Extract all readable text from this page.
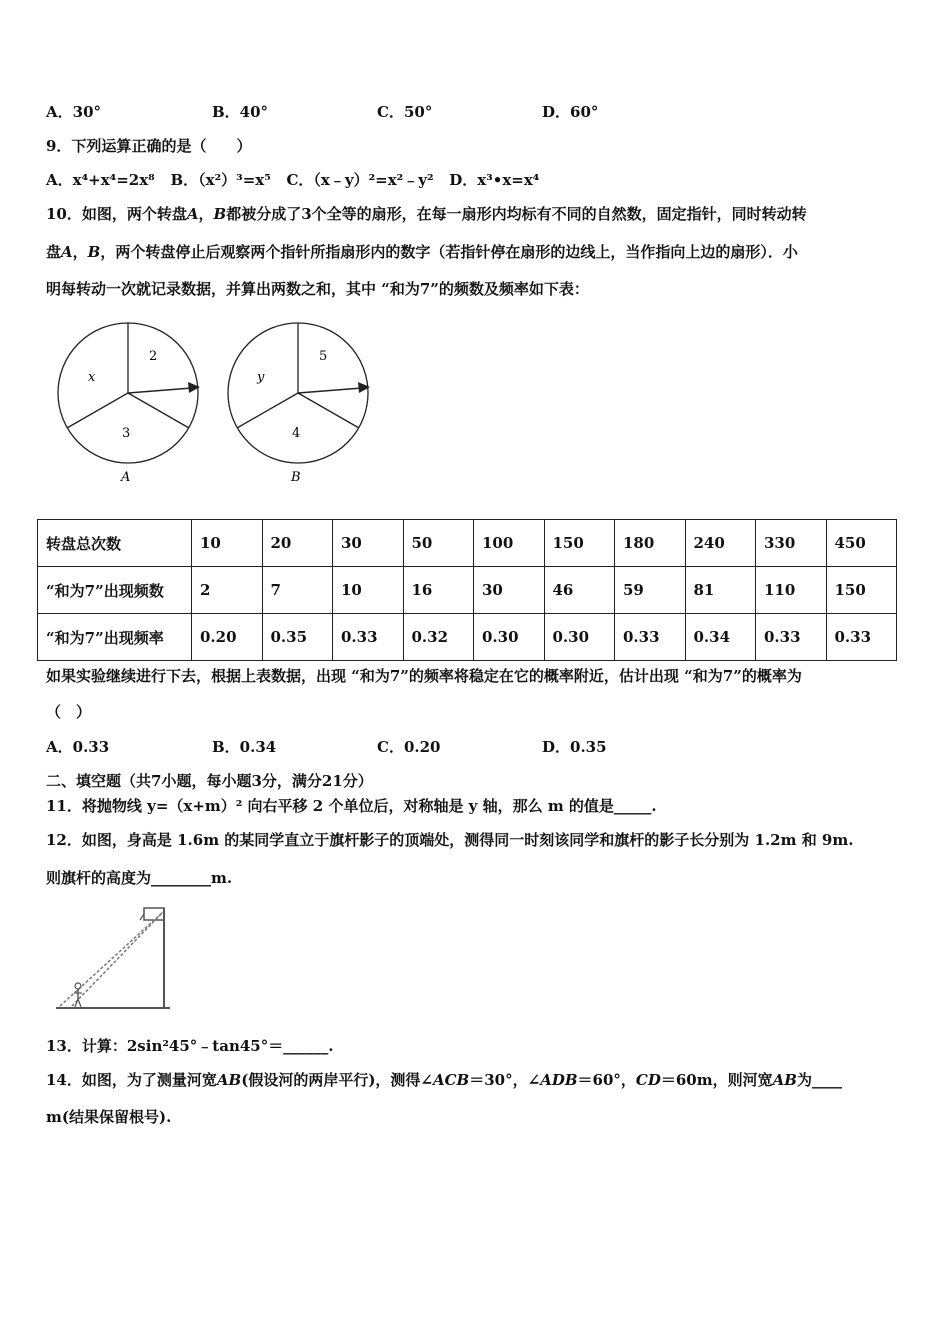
A．30°	B．40°	C．50°	D．60°
9．下列运算正确的是（　　）
A．x⁴+x⁴=2x⁸ B．（x²）³=x⁵ C．（x﹣y）²=x²﹣y² D．x³•x=x⁴
10．如图，两个转盘A，B都被分成了3个全等的扇形，在每一扇形内均标有不同的自然数，固定指针，同时转动转
盘A，B，两个转盘停止后观察两个指针所指扇形内的数字（若指针停在扇形的边线上，当作指向上边的扇形）．小
明每转动一次就记录数据，并算出两数之和，其中 “和为7”的频数及频率如下表：
x
2
3
A
y
5
4
B
转盘总次数	10	20	30	50	100	150	180	240	330	450
“和为7”出现频数	2	7	10	16	30	46	59	81	110	150
“和为7”出现频率	0.20	0.35	0.33	0.32	0.30	0.30	0.33	0.34	0.33	0.33
如果实验继续进行下去，根据上表数据，出现 “和为7”的频率将稳定在它的概率附近，估计出现 “和为7”的概率为
（　）
A．0.33	B．0.34	C．0.20	D．0.35
二、填空题（共7小题，每小题3分，满分21分）
11．将抛物线 y=（x+m）² 向右平移 2 个单位后，对称轴是 y 轴，那么 m 的值是_____.
12．如图，身高是 1.6m 的某同学直立于旗杆影子的顶端处，测得同一时刻该同学和旗杆的影子长分别为 1.2m 和 9m.
则旗杆的高度为________m.
13．计算：2sin²45°﹣tan45°＝______.
14．如图，为了测量河宽AB(假设河的两岸平行)，测得∠ACB＝30°，∠ADB＝60°，CD＝60m，则河宽AB为____
m(结果保留根号).
